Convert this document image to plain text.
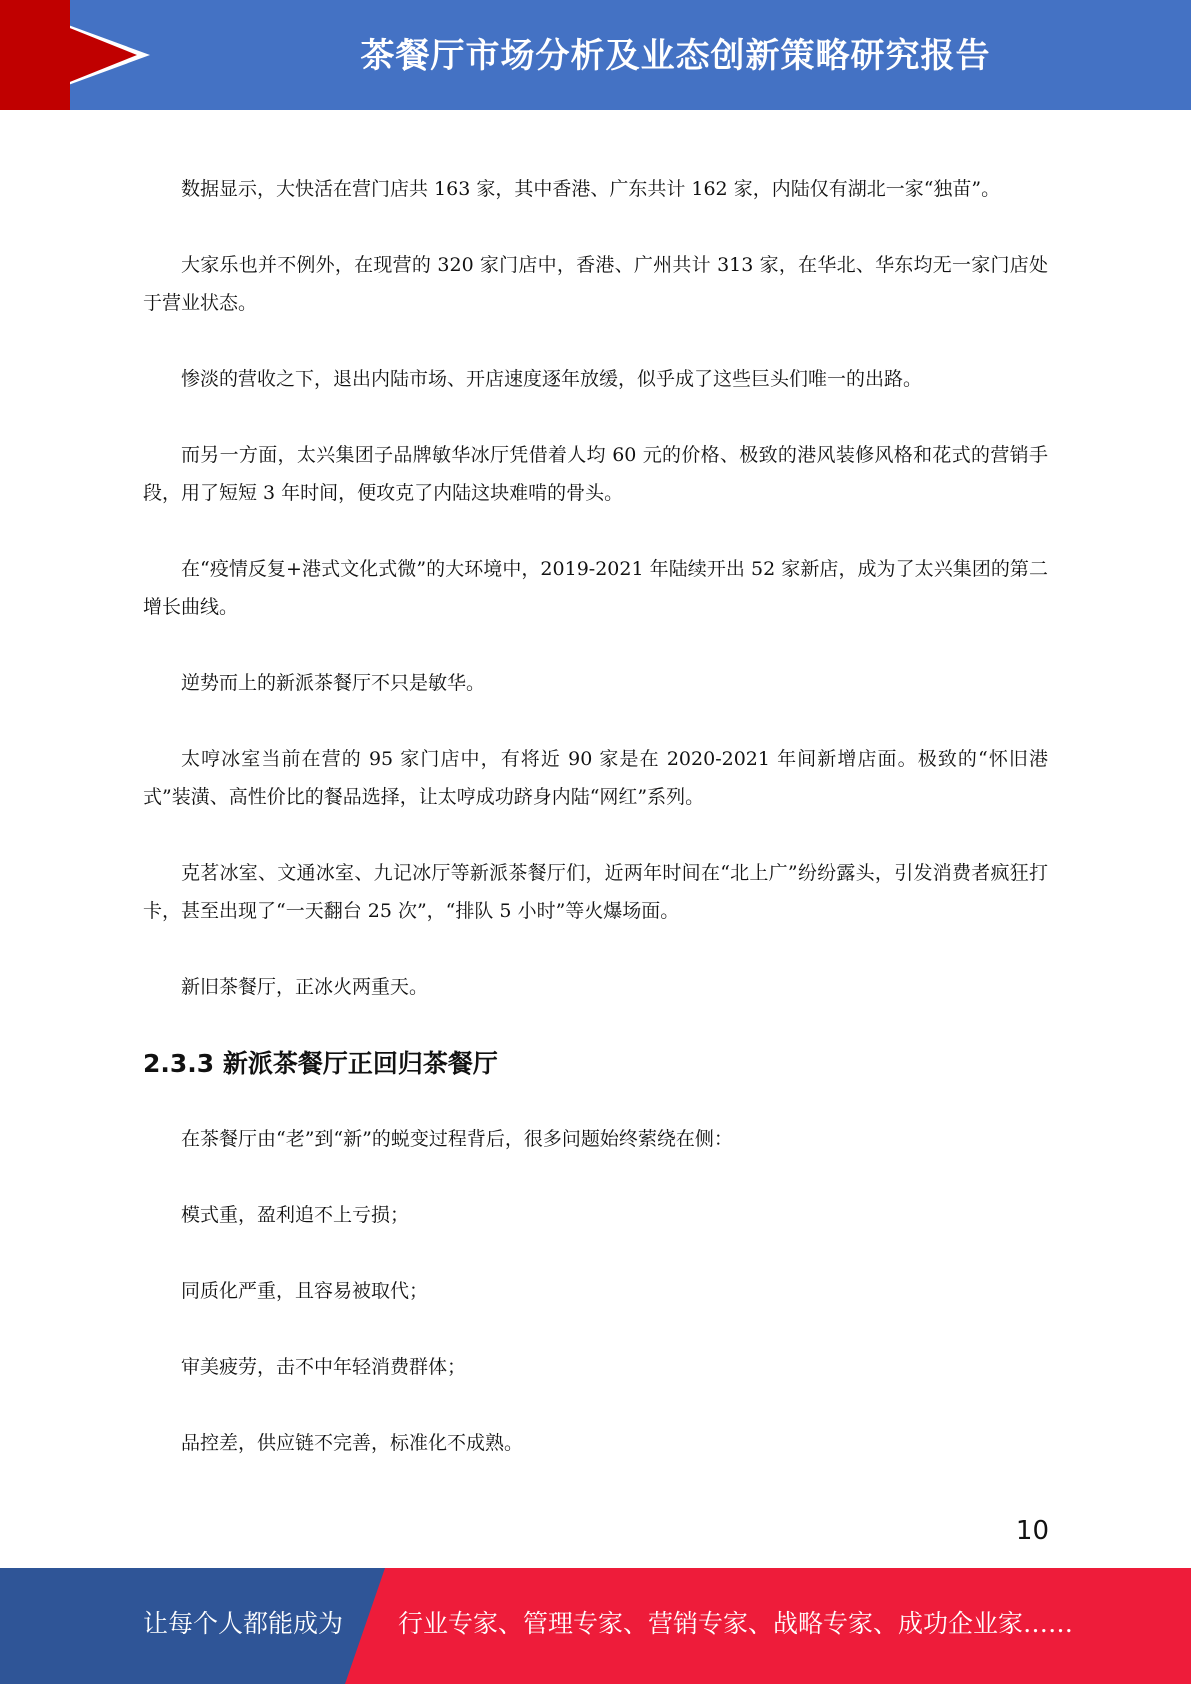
茶餐厅市场分析及业态创新策略研究报告

数据显示，大快活在营门店共 163 家，其中香港、广东共计 162 家，内陆仅有湖北一家“独苗”。

大家乐也并不例外，在现营的 320 家门店中，香港、广州共计 313 家，在华北、华东均无一家门店处于营业状态。

惨淡的营收之下，退出内陆市场、开店速度逐年放缓，似乎成了这些巨头们唯一的出路。

而另一方面，太兴集团子品牌敏华冰厅凭借着人均 60 元的价格、极致的港风装修风格和花式的营销手段，用了短短 3 年时间，便攻克了内陆这块难啃的骨头。

在“疫情反复+港式文化式微”的大环境中，2019-2021 年陆续开出 52 家新店，成为了太兴集团的第二增长曲线。

逆势而上的新派茶餐厅不只是敏华。

太哼冰室当前在营的 95 家门店中，有将近 90 家是在 2020-2021 年间新增店面。极致的“怀旧港式”装潢、高性价比的餐品选择，让太哼成功跻身内陆“网红”系列。

克茗冰室、文通冰室、九记冰厅等新派茶餐厅们，近两年时间在“北上广”纷纷露头，引发消费者疯狂打卡，甚至出现了“一天翻台 25 次”，“排队 5 小时”等火爆场面。

新旧茶餐厅，正冰火两重天。

2.3.3 新派茶餐厅正回归茶餐厅

在茶餐厅由“老”到“新”的蜕变过程背后，很多问题始终萦绕在侧：

模式重，盈利追不上亏损；

同质化严重，且容易被取代；

审美疲劳，击不中年轻消费群体；

品控差，供应链不完善，标准化不成熟。

10
让每个人都能成为 行业专家、管理专家、营销专家、战略专家、成功企业家……
